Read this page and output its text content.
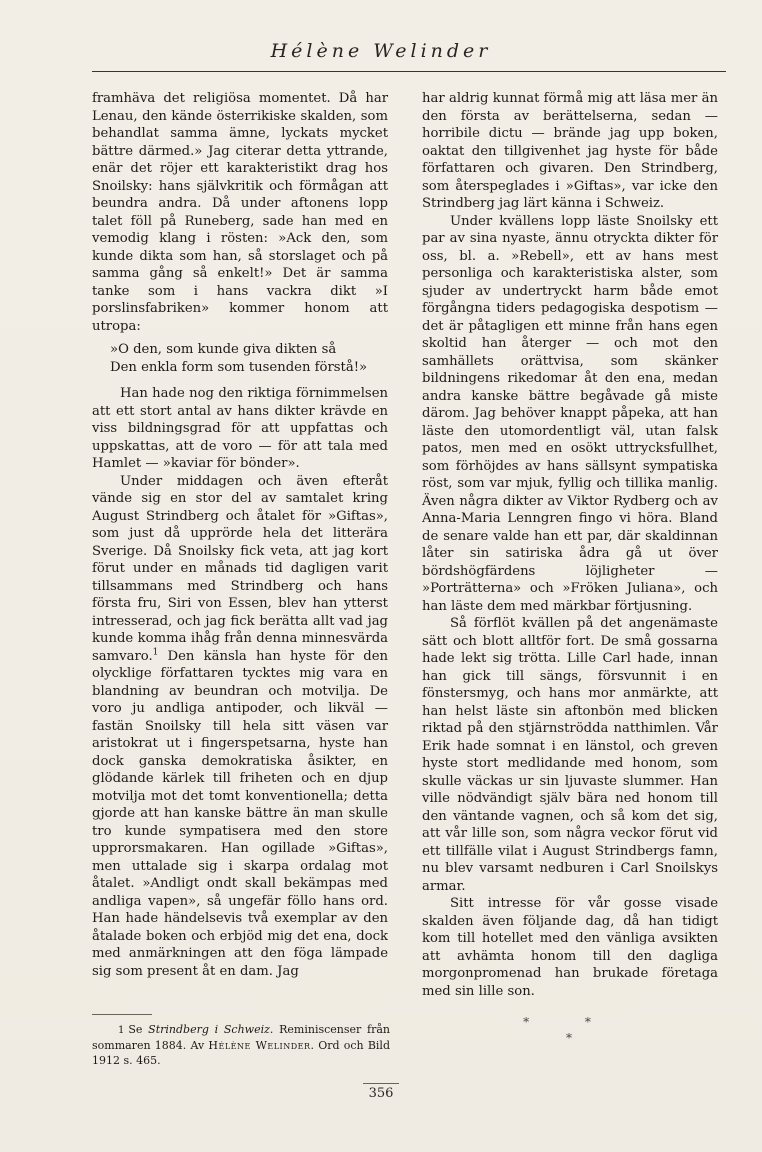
Hélène Welinder

framhäva det religiösa momentet. Då har Lenau, den kände österrikiske skalden, som behandlat samma ämne, lyckats mycket bättre därmed.» Jag citerar detta yttrande, enär det röjer ett karakteristikt drag hos Snoilsky: hans självkritik och förmågan att beundra andra. Då under aftonens lopp talet föll på Runeberg, sade han med en vemodig klang i rösten: »Ack den, som kunde dikta som han, så storslaget och på samma gång så enkelt!» Det är samma tanke som i hans vackra dikt »I porslinsfabriken» kommer honom att utropa:

»O den, som kunde giva dikten så
Den enkla form som tusenden förstå!»

Han hade nog den riktiga förnimmelsen att ett stort antal av hans dikter krävde en viss bildningsgrad för att uppfattas och uppskattas, att de voro — för att tala med Hamlet — »kaviar för bönder».

Under middagen och även efteråt vände sig en stor del av samtalet kring August Strindberg och åtalet för »Giftas», som just då upprörde hela det litterära Sverige. Då Snoilsky fick veta, att jag kort förut under en månads tid dagligen varit tillsammans med Strindberg och hans första fru, Siri von Essen, blev han ytterst intresserad, och jag fick berätta allt vad jag kunde komma ihåg från denna minnesvärda samvaro.$^1$ Den känsla han hyste för den olycklige författaren tycktes mig vara en blandning av beundran och motvilja. De voro ju andliga antipoder, och likväl — fastän Snoilsky till hela sitt väsen var aristokrat ut i fingerspetsarna, hyste han dock ganska demokratiska åsikter, en glödande kärlek till friheten och en djup motvilja mot det tomt konventionella; detta gjorde att han kanske bättre än man skulle tro kunde sympatisera med den store upprorsmakaren. Han ogillade »Giftas», men uttalade sig i skarpa ordalag mot åtalet. »Andligt ondt skall bekämpas med andliga vapen», så ungefär föllo hans ord. Han hade händelsevis två exemplar av den åtalade boken och erbjöd mig det ena, dock med anmärkningen att den föga lämpade sig som present åt en dam. Jag

har aldrig kunnat förmå mig att läsa mer än den första av berättelserna, sedan — horribile dictu — brände jag upp boken, oaktat den tillgivenhet jag hyste för både författaren och givaren. Den Strindberg, som återspeglades i »Giftas», var icke den Strindberg jag lärt känna i Schweiz.

Under kvällens lopp läste Snoilsky ett par av sina nyaste, ännu otryckta dikter för oss, bl. a. »Rebell», ett av hans mest personliga och karakteristiska alster, som sjuder av undertryckt harm både emot förgångna tiders pedagogiska despotism — det är påtagligen ett minne från hans egen skoltid han återger — och mot den samhällets orättvisa, som skänker bildningens rikedomar åt den ena, medan andra kanske bättre begåvade gå miste därom. Jag behöver knappt påpeka, att han läste den utomordentligt väl, utan falsk patos, men med en osökt uttrycksfullhet, som förhöjdes av hans sällsynt sympatiska röst, som var mjuk, fyllig och tillika manlig. Även några dikter av Viktor Rydberg och av Anna-Maria Lenngren fingo vi höra. Bland de senare valde han ett par, där skaldinnan låter sin satiriska ådra gå ut över bördshögfärdens löjligheter — »Porträtterna» och »Fröken Juliana», och han läste dem med märkbar förtjusning.

Så förflöt kvällen på det angenämaste sätt och blott alltför fort. De små gossarna hade lekt sig trötta. Lille Carl hade, innan han gick till sängs, försvunnit i en fönstersmyg, och hans mor anmärkte, att han helst läste sin aftonbön med blicken riktad på den stjärnströdda natthimlen. Vår Erik hade somnat i en länstol, och greven hyste stort medlidande med honom, som skulle väckas ur sin ljuvaste slummer. Han ville nödvändigt själv bära ned honom till den väntande vagnen, och så kom det sig, att vår lille son, som några veckor förut vid ett tillfälle vilat i August Strindbergs famn, nu blev varsamt nedburen i Carl Snoilskys armar.

Sitt intresse för vår gosse visade skalden även följande dag, då han tidigt kom till hotellet med den vänliga avsikten att avhämta honom till den dagliga morgonpromenad han brukade företaga med sin lille son.

* *
*
1 Se Strindberg i Schweiz. Reminiscenser från sommaren 1884. Av Hélène Welinder. Ord och Bild 1912 s. 465.
356
